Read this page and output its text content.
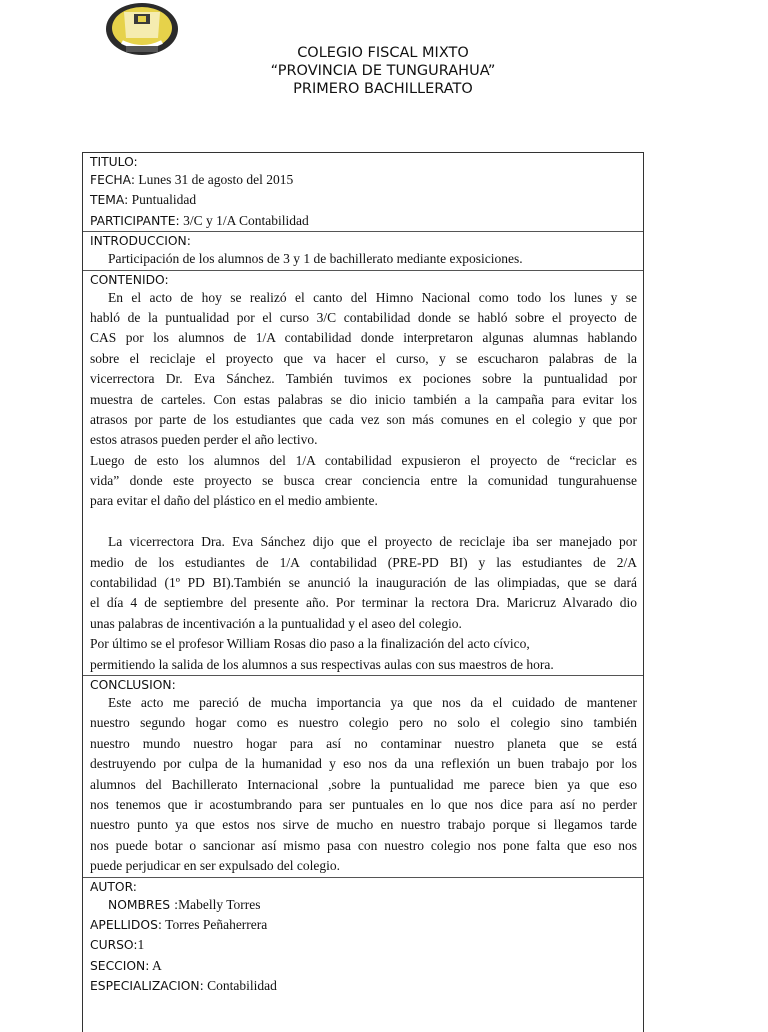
COLEGIO FISCAL MIXTO
“PROVINCIA DE TUNGURAHUA”
PRIMERO BACHILLERATO
TITULO:
FECHA: Lunes 31 de agosto del 2015
TEMA: Puntualidad
PARTICIPANTE: 3/C y 1/A Contabilidad
INTRODUCCION:
Participación de los alumnos de 3 y 1 de bachillerato mediante exposiciones.
CONTENIDO:
En el acto de hoy se realizó el canto del Himno Nacional como todo los lunes y se
habló de la puntualidad por el curso 3/C contabilidad donde se habló sobre el proyecto de
CAS por los alumnos de 1/A contabilidad donde interpretaron algunas alumnas hablando
sobre el reciclaje el proyecto que va hacer el curso, y se escucharon palabras de la
vicerrectora Dr. Eva Sánchez. También tuvimos ex pociones sobre la puntualidad por
muestra de carteles. Con estas palabras se dio inicio también a la campaña para evitar los
atrasos por parte de los estudiantes que cada vez son más comunes en el colegio y que por
estos atrasos pueden perder el año lectivo.
Luego de esto los alumnos del 1/A contabilidad expusieron el proyecto de “reciclar es
vida” donde este proyecto se busca crear conciencia entre la comunidad tungurahuense
para evitar el daño del plástico en el medio ambiente.
La vicerrectora Dra. Eva Sánchez dijo que el proyecto de reciclaje iba ser manejado por
medio de los estudiantes de 1/A contabilidad (PRE-PD BI) y las estudiantes de 2/A
contabilidad (1º PD BI).También se anunció la inauguración de las olimpiadas, que se dará
el día 4 de septiembre del presente año. Por terminar la rectora Dra. Maricruz Alvarado dio
unas palabras de incentivación a la puntualidad y el aseo del colegio.
Por último se el profesor William Rosas dio paso a la finalización del acto cívico,
permitiendo la salida de los alumnos a sus respectivas aulas con sus maestros de hora.
CONCLUSION:
Este acto me pareció de mucha importancia ya que nos da el cuidado de mantener
nuestro segundo hogar como es nuestro colegio pero no solo el colegio sino también
nuestro mundo nuestro hogar para así no contaminar nuestro planeta que se está
destruyendo por culpa de la humanidad y eso nos da una reflexión un buen trabajo por los
alumnos del Bachillerato Internacional ,sobre la puntualidad me parece bien ya que eso
nos tenemos que ir acostumbrando para ser puntuales en lo que nos dice para así no perder
nuestro punto ya que estos nos sirve de mucho en nuestro trabajo porque si llegamos tarde
nos puede botar o sancionar así mismo pasa con nuestro colegio nos pone falta que eso nos
puede perjudicar en ser expulsado del colegio.
AUTOR:
NOMBRES :Mabelly Torres
APELLIDOS: Torres Peñaherrera
CURSO:1
SECCION: A
ESPECIALIZACION: Contabilidad
